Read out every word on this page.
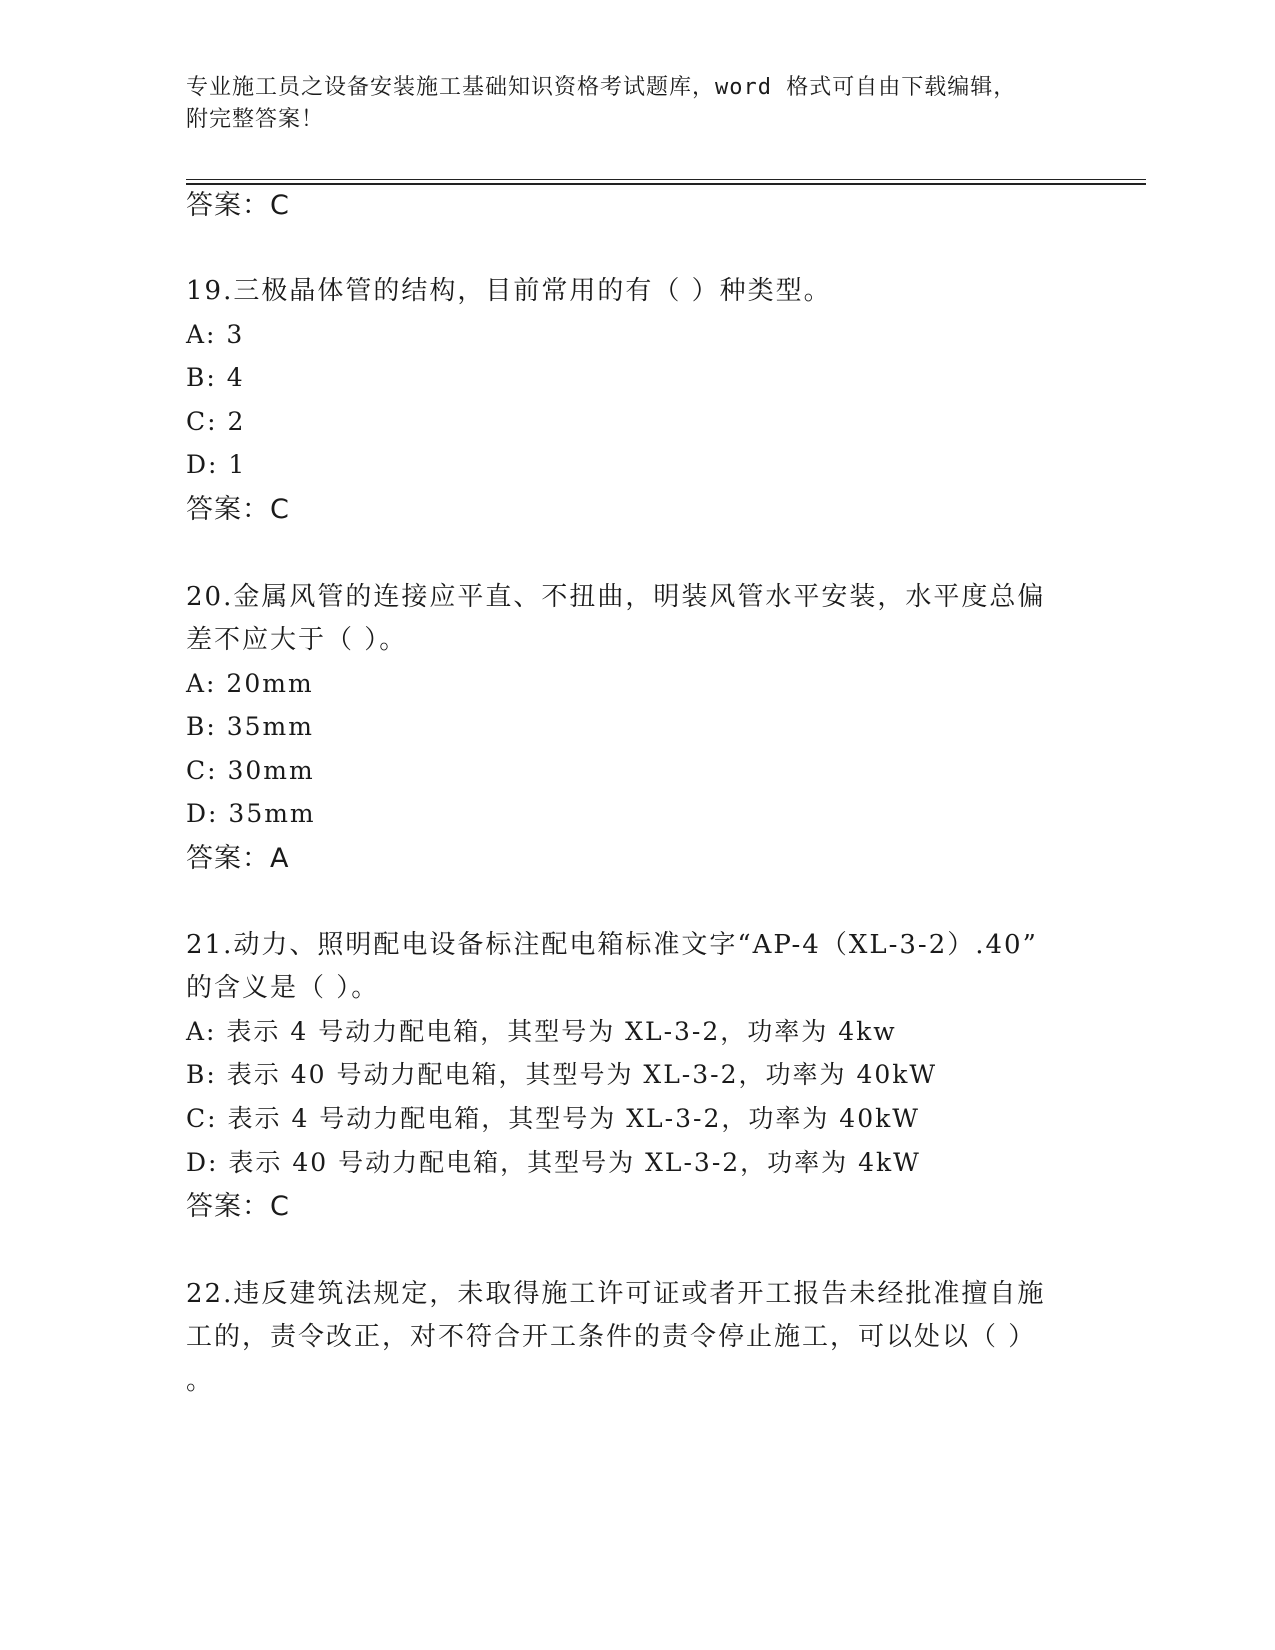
专业施工员之设备安装施工基础知识资格考试题库，word 格式可自由下载编辑，
附完整答案！
答案：C
19.三极晶体管的结构，目前常用的有（ ）种类型。
A: 3
B: 4
C: 2
D: 1
答案：C
20.金属风管的连接应平直、不扭曲，明装风管水平安装，水平度总偏
差不应大于（ ）。
A: 20mm
B: 35mm
C: 30mm
D: 35mm
答案：A
21.动力、照明配电设备标注配电箱标准文字“AP-4（XL-3-2）.40”
的含义是（ ）。
A: 表示 4 号动力配电箱，其型号为 XL-3-2，功率为 4kw
B: 表示 40 号动力配电箱，其型号为 XL-3-2，功率为 40kW
C: 表示 4 号动力配电箱，其型号为 XL-3-2，功率为 40kW
D: 表示 40 号动力配电箱，其型号为 XL-3-2，功率为 4kW
答案：C
22.违反建筑法规定，未取得施工许可证或者开工报告未经批准擅自施
工的，责令改正，对不符合开工条件的责令停止施工，可以处以（ ）
。
